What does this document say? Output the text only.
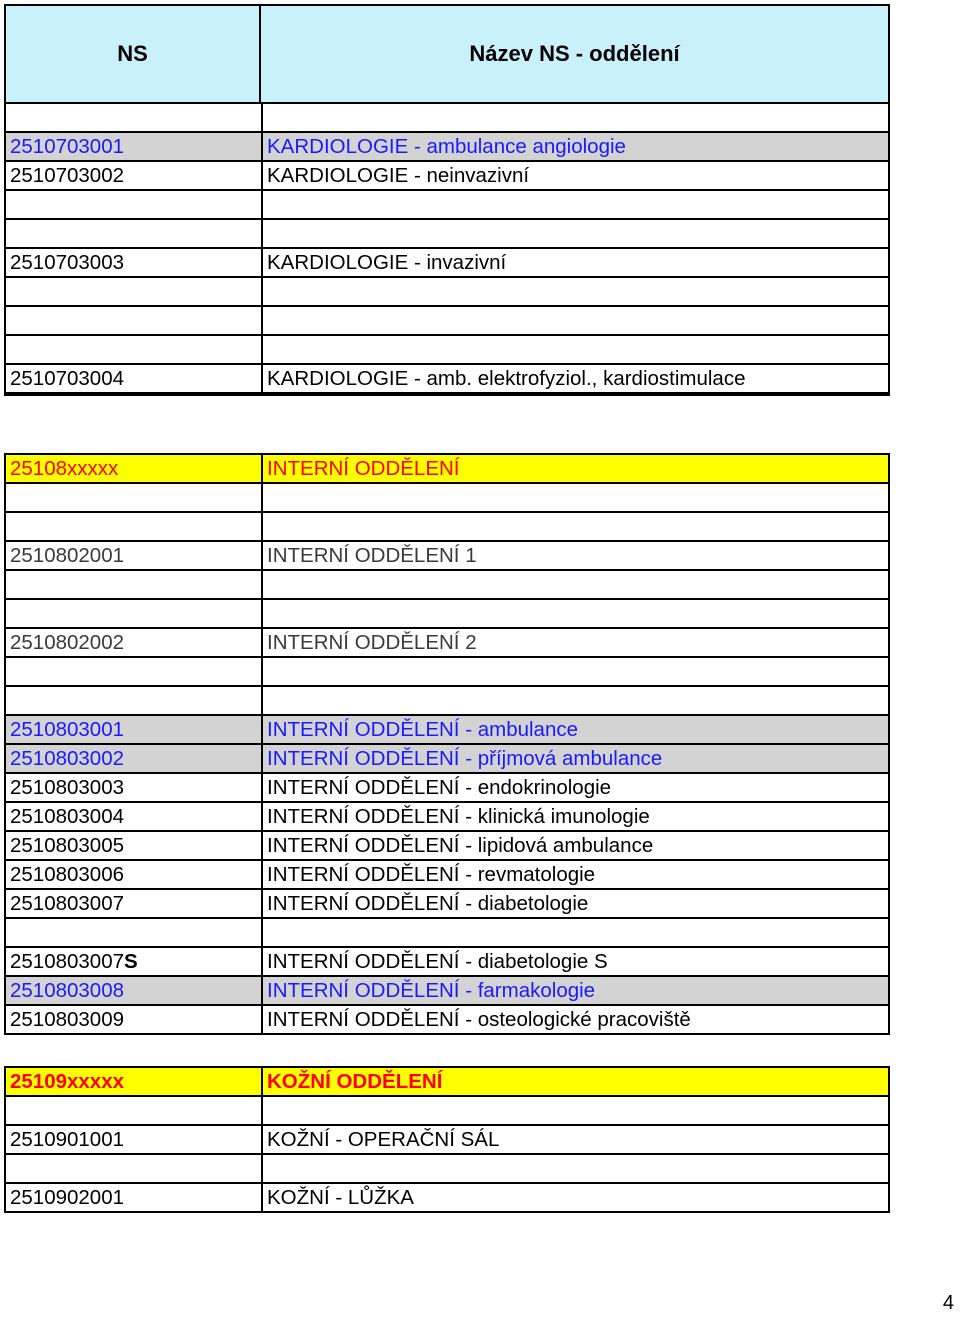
NS	Název NS - oddělení
2510703001	KARDIOLOGIE - ambulance angiologie
2510703002	KARDIOLOGIE - neinvazivní
2510703003	KARDIOLOGIE - invazivní
2510703004	KARDIOLOGIE - amb. elektrofyziol., kardiostimulace
25108xxxxx	INTERNÍ ODDĚLENÍ
2510802001	INTERNÍ ODDĚLENÍ 1
2510802002	INTERNÍ ODDĚLENÍ 2
2510803001	INTERNÍ ODDĚLENÍ - ambulance
2510803002	INTERNÍ ODDĚLENÍ - příjmová ambulance
2510803003	INTERNÍ ODDĚLENÍ - endokrinologie
2510803004	INTERNÍ ODDĚLENÍ - klinická imunologie
2510803005	INTERNÍ ODDĚLENÍ - lipidová ambulance
2510803006	INTERNÍ ODDĚLENÍ - revmatologie
2510803007	INTERNÍ ODDĚLENÍ - diabetologie
2510803007S	INTERNÍ ODDĚLENÍ - diabetologie S
2510803008	INTERNÍ ODDĚLENÍ - farmakologie
2510803009	INTERNÍ ODDĚLENÍ - osteologické pracoviště
25109xxxxx	KOŽNÍ ODDĚLENÍ
2510901001	KOŽNÍ - OPERAČNÍ SÁL
2510902001	KOŽNÍ - LŮŽKA
4
